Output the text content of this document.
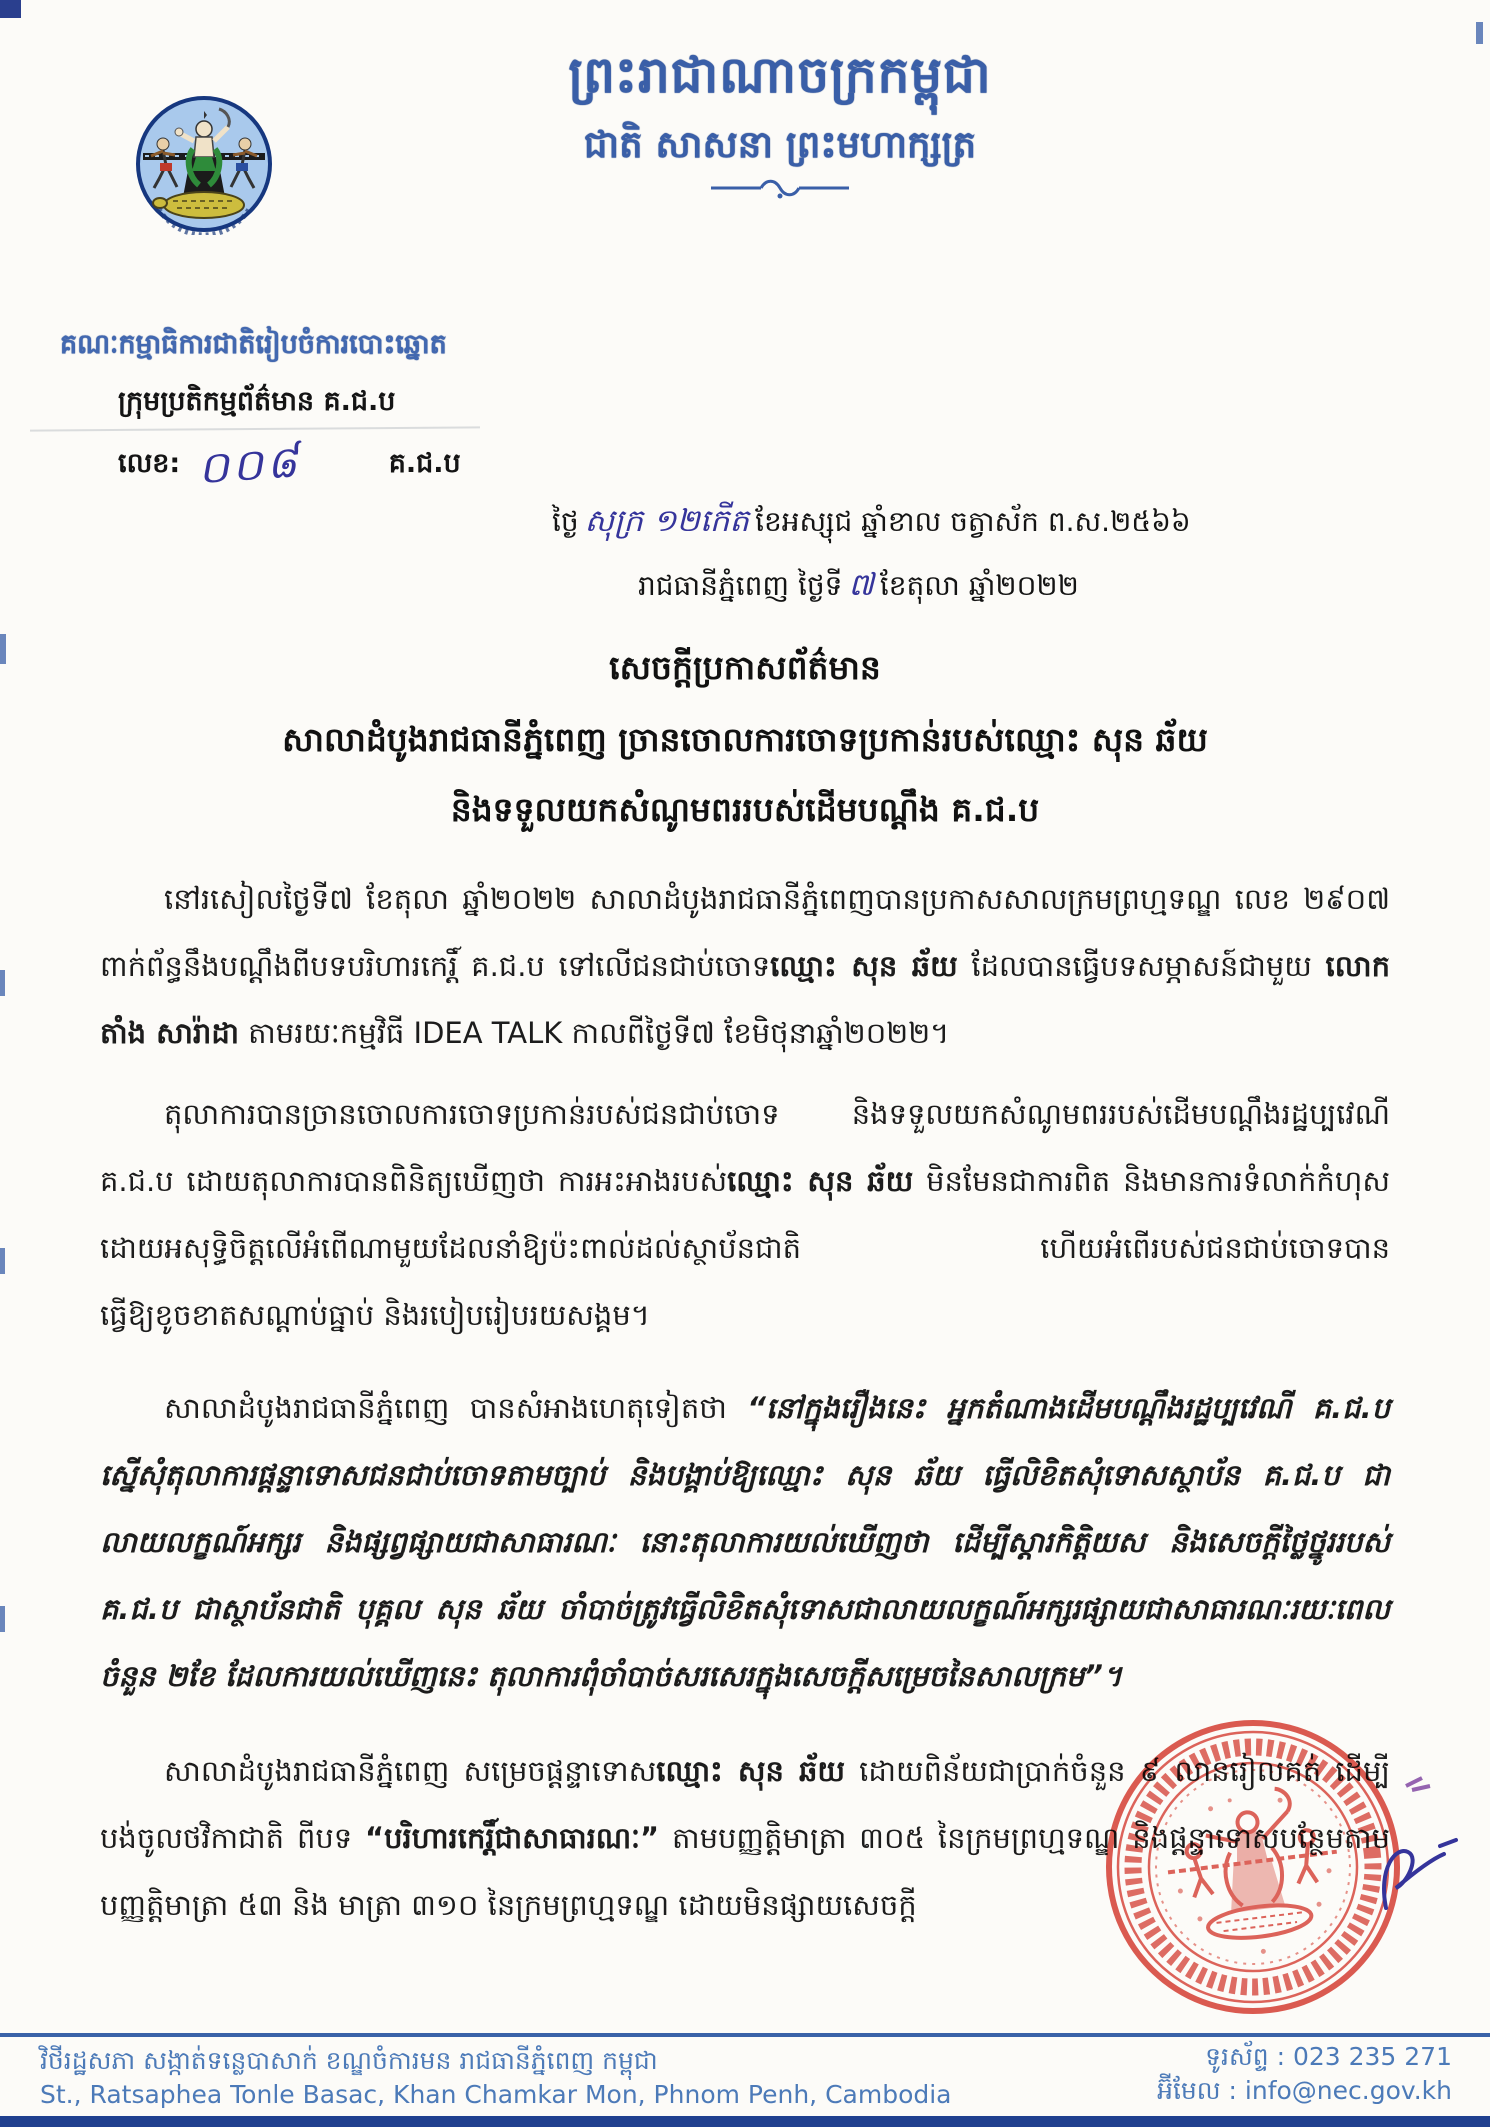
ព្រះរាជាណាចក្រកម្ពុជា
ជាតិ សាសនា ព្រះមហាក្សត្រ
គណៈកម្មាធិការជាតិរៀបចំការបោះឆ្នោត
ក្រុមប្រតិកម្មព័ត៌មាន គ.ជ.ប
លេខ: ០០៨	គ.ជ.ប
ថ្ងៃ សុក្រ ១២កើត ខែអស្សុជ ឆ្នាំខាល ចត្វាស័ក ព.ស.២៥៦៦
រាជធានីភ្នំពេញ ថ្ងៃទី ៧ ខែតុលា ឆ្នាំ២០២២
សេចក្តីប្រកាសព័ត៌មាន
សាលាដំបូងរាជធានីភ្នំពេញ ច្រានចោលការចោទប្រកាន់របស់ឈ្មោះ សុន ឆ័យ
និងទទួលយកសំណូមពររបស់ដើមបណ្តឹង គ.ជ.ប

នៅរសៀលថ្ងៃទី៧ ខែតុលា ឆ្នាំ២០២២ សាលាដំបូងរាជធានីភ្នំពេញបានប្រកាសសាលក្រមព្រហ្មទណ្ឌ លេខ ២៩០៧ ពាក់ព័ន្ធនឹងបណ្តឹងពីបទបរិហារកេរ្តិ៍ គ.ជ.ប ទៅលើជនជាប់ចោទឈ្មោះ សុន ឆ័យ ដែលបានធ្វើបទសម្ភាសន៍ជាមួយ លោក តាំង សារ៉ាដា តាមរយៈកម្មវិធី IDEA TALK កាលពីថ្ងៃទី៧ ខែមិថុនាឆ្នាំ២០២២។

តុលាការបានច្រានចោលការចោទប្រកាន់របស់ជនជាប់ចោទ និងទទួលយកសំណូមពររបស់ដើមបណ្តឹងរដ្ឋប្បវេណី គ.ជ.ប ដោយតុលាការបានពិនិត្យឃើញថា ការអះអាងរបស់ឈ្មោះ សុន ឆ័យ មិនមែនជាការពិត និងមានការទំលាក់កំហុសដោយអសុទ្ធិចិត្តលើអំពើណាមួយដែលនាំឱ្យប៉ះពាល់ដល់ស្ថាប័នជាតិ ហើយអំពើរបស់ជនជាប់ចោទបានធ្វើឱ្យខូចខាតសណ្តាប់ធ្នាប់ និងរបៀបរៀបរយសង្គម។

សាលាដំបូងរាជធានីភ្នំពេញ បានសំអាងហេតុទៀតថា “នៅក្នុងរឿងនេះ អ្នកតំណាងដើមបណ្តឹងរដ្ឋប្បវេណី គ.ជ.ប ស្នើសុំតុលាការផ្តន្ទាទោសជនជាប់ចោទតាមច្បាប់ និងបង្គាប់ឱ្យឈ្មោះ សុន ឆ័យ ធ្វើលិខិតសុំទោសស្ថាប័ន គ.ជ.ប ជាលាយលក្ខណ៍អក្សរ និងផ្សព្វផ្សាយជាសាធារណៈ នោះតុលាការយល់ឃើញថា ដើម្បីស្តារកិត្តិយស និងសេចក្តីថ្លៃថ្នូររបស់ គ.ជ.ប ជាស្ថាប័នជាតិ បុគ្គល សុន ឆ័យ ចាំបាច់ត្រូវធ្វើលិខិតសុំទោសជាលាយលក្ខណ៍អក្សរផ្សាយជាសាធារណៈរយៈពេលចំនួន ២ខែ ដែលការយល់ឃើញនេះ តុលាការពុំចាំបាច់សរសេរក្នុងសេចក្តីសម្រេចនៃសាលក្រម”។

សាលាដំបូងរាជធានីភ្នំពេញ សម្រេចផ្តន្ទាទោសឈ្មោះ សុន ឆ័យ ដោយពិន័យជាប្រាក់ចំនួន ៩ លានរៀលគត់ ដើម្បីបង់ចូលថវិកាជាតិ ពីបទ “បរិហារកេរ្តិ៍ជាសាធារណៈ” តាមបញ្ញត្តិមាត្រា ៣០៥ នៃក្រមព្រហ្មទណ្ឌ និងផ្តន្ទាទោសបន្ថែមតាមបញ្ញត្តិមាត្រា ៥៣ និង មាត្រា ៣១០ នៃក្រមព្រហ្មទណ្ឌ ដោយមិនផ្សាយសេចក្តី

វិថីរដ្ឋសភា សង្កាត់ទន្លេបាសាក់ ខណ្ឌចំការមន រាជធានីភ្នំពេញ កម្ពុជា
St., Ratsaphea Tonle Basac, Khan Chamkar Mon, Phnom Penh, Cambodia
ទូរស័ព្ទ : 023 235 271
អ៊ីមែល : info@nec.gov.kh
